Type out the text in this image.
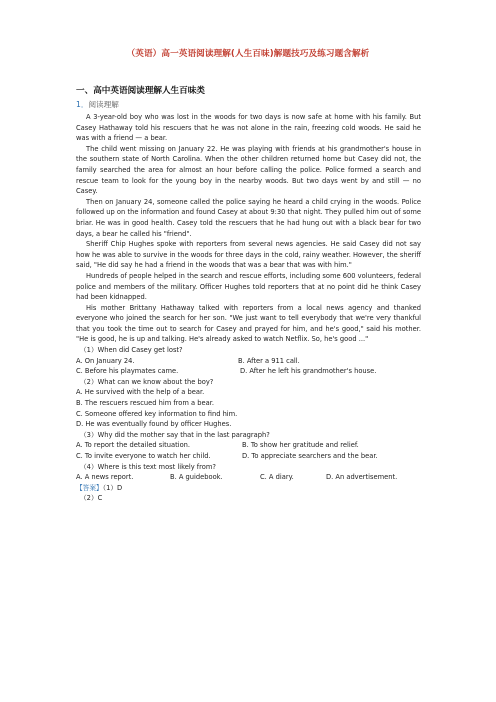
（英语）高一英语阅读理解(人生百味)解题技巧及练习题含解析
一、高中英语阅读理解人生百味类
1．阅读理解

A 3-year-old boy who was lost in the woods for two days is now safe at home with his family. But Casey Hathaway told his rescuers that he was not alone in the rain, freezing cold woods. He said he was with a friend — a bear.

The child went missing on January 22. He was playing with friends at his grandmother's house in the southern state of North Carolina. When the other children returned home but Casey did not, the family searched the area for almost an hour before calling the police. Police formed a search and rescue team to look for the young boy in the nearby woods. But two days went by and still — no Casey.

Then on January 24, someone called the police saying he heard a child crying in the woods. Police followed up on the information and found Casey at about 9:30 that night. They pulled him out of some briar. He was in good health. Casey told the rescuers that he had hung out with a black bear for two days, a bear he called his "friend".

Sheriff Chip Hughes spoke with reporters from several news agencies. He said Casey did not say how he was able to survive in the woods for three days in the cold, rainy weather. However, the sheriff said, "He did say he had a friend in the woods that was a bear that was with him."

Hundreds of people helped in the search and rescue efforts, including some 600 volunteers, federal police and members of the military. Officer Hughes told reporters that at no point did he think Casey had been kidnapped.

His mother Brittany Hathaway talked with reporters from a local news agency and thanked everyone who joined the search for her son. "We just want to tell everybody that we're very thankful that you took the time out to search for Casey and prayed for him, and he's good," said his mother. "He is good, he is up and talking. He's already asked to watch Netflix. So, he's good ..."

（1）When did Casey get lost?
A. On January 24.	B. After a 911 call.
C. Before his playmates came.	D. After he left his grandmother's house.
（2）What can we know about the boy?
A. He survived with the help of a bear.
B. The rescuers rescued him from a bear.
C. Someone offered key information to find him.
D. He was eventually found by officer Hughes.
（3）Why did the mother say that in the last paragraph?
A. To report the detailed situation.	B. To show her gratitude and relief.
C. To invite everyone to watch her child.	D. To appreciate searchers and the bear.
（4）Where is this text most likely from?
A. A news report.	B. A guidebook.	C. A diary.	D. An advertisement.
【答案】（1）D
（2）C
